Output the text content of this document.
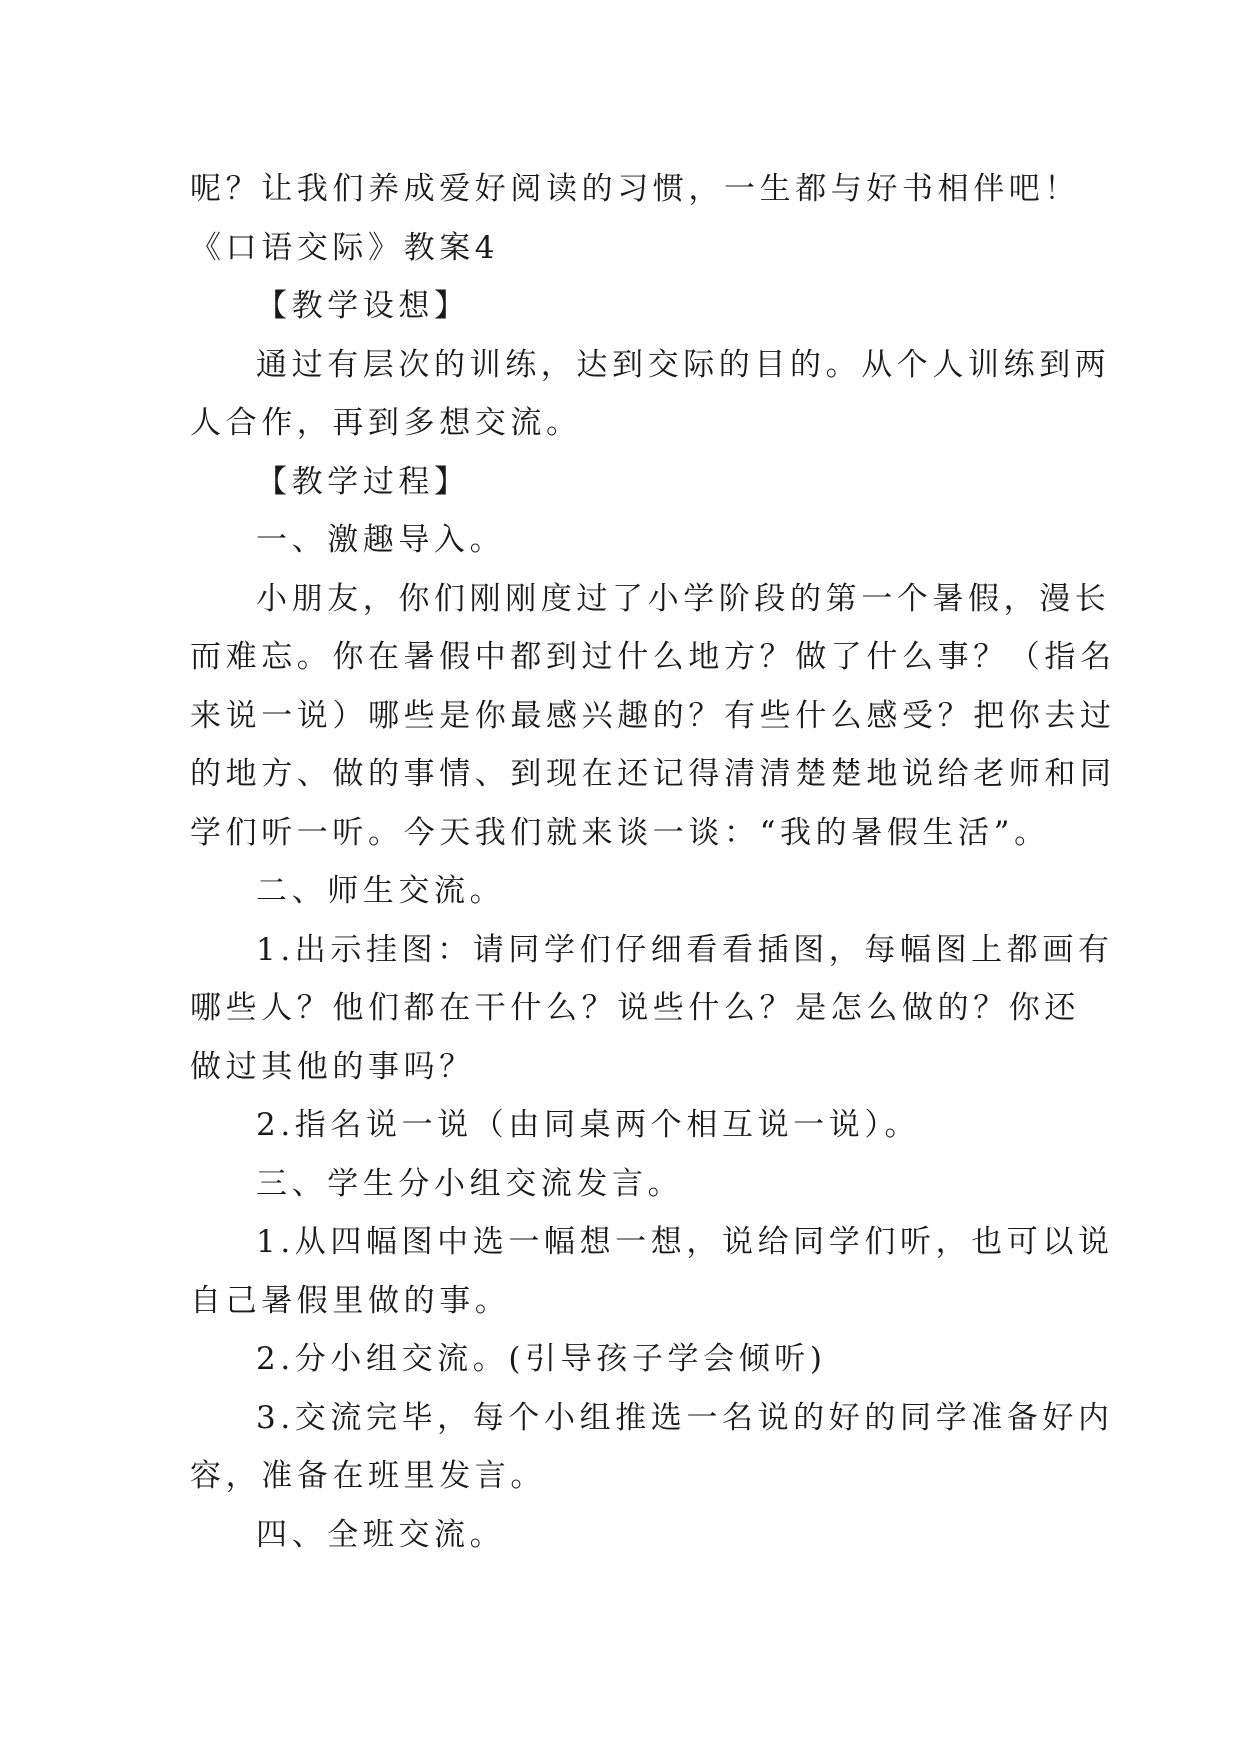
呢？让我们养成爱好阅读的习惯，一生都与好书相伴吧！
《口语交际》教案4
【教学设想】
通过有层次的训练，达到交际的目的。从个人训练到两
人合作，再到多想交流。
【教学过程】
一、激趣导入。
小朋友，你们刚刚度过了小学阶段的第一个暑假，漫长
而难忘。你在暑假中都到过什么地方？做了什么事？（指名
来说一说）哪些是你最感兴趣的？有些什么感受？把你去过
的地方、做的事情、到现在还记得清清楚楚地说给老师和同
学们听一听。今天我们就来谈一谈：“我的暑假生活”。
二、师生交流。
1.出示挂图：请同学们仔细看看插图，每幅图上都画有
哪些人？他们都在干什么？说些什么？是怎么做的？你还
做过其他的事吗？
2.指名说一说（由同桌两个相互说一说）。
三、学生分小组交流发言。
1.从四幅图中选一幅想一想，说给同学们听，也可以说
自己暑假里做的事。
2.分小组交流。(引导孩子学会倾听)
3.交流完毕，每个小组推选一名说的好的同学准备好内
容，准备在班里发言。
四、全班交流。
